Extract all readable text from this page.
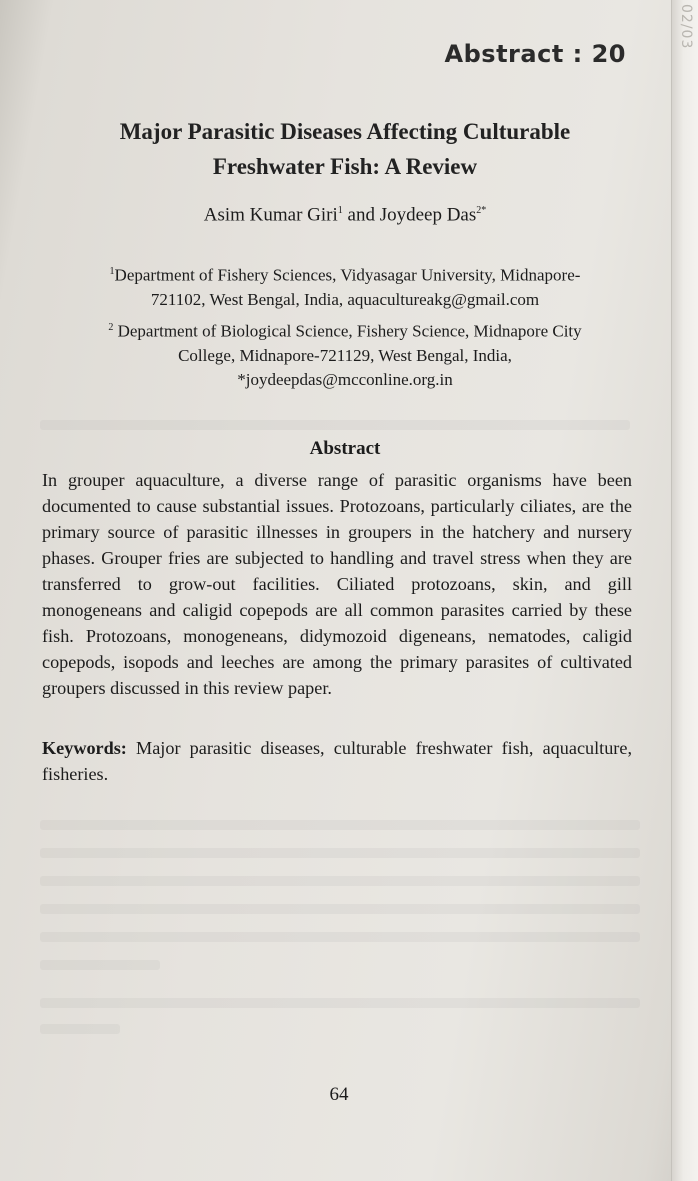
02/03
Abstract : 20
Major Parasitic Diseases Affecting Culturable
Freshwater Fish: A Review
Asim Kumar Giri$^1$ and Joydeep Das$^{2*}$
$^1$Department of Fishery Sciences, Vidyasagar University, Midnapore-
721102, West Bengal, India, aquacultureakg@gmail.com
$^2$ Department of Biological Science, Fishery Science, Midnapore City
College, Midnapore-721129, West Bengal, India,
*joydeepdas@mcconline.org.in
Abstract
In grouper aquaculture, a diverse range of parasitic organisms have been documented to cause substantial issues. Protozoans, particularly ciliates, are the primary source of parasitic illnesses in groupers in the hatchery and nursery phases. Grouper fries are subjected to handling and travel stress when they are transferred to grow-out facilities. Ciliated protozoans, skin, and gill monogeneans and caligid copepods are all common parasites carried by these fish. Protozoans, monogeneans, didymozoid digeneans, nematodes, caligid copepods, isopods and leeches are among the primary parasites of cultivated groupers discussed in this review paper.
Keywords: Major parasitic diseases, culturable freshwater fish, aquaculture, fisheries.
64
